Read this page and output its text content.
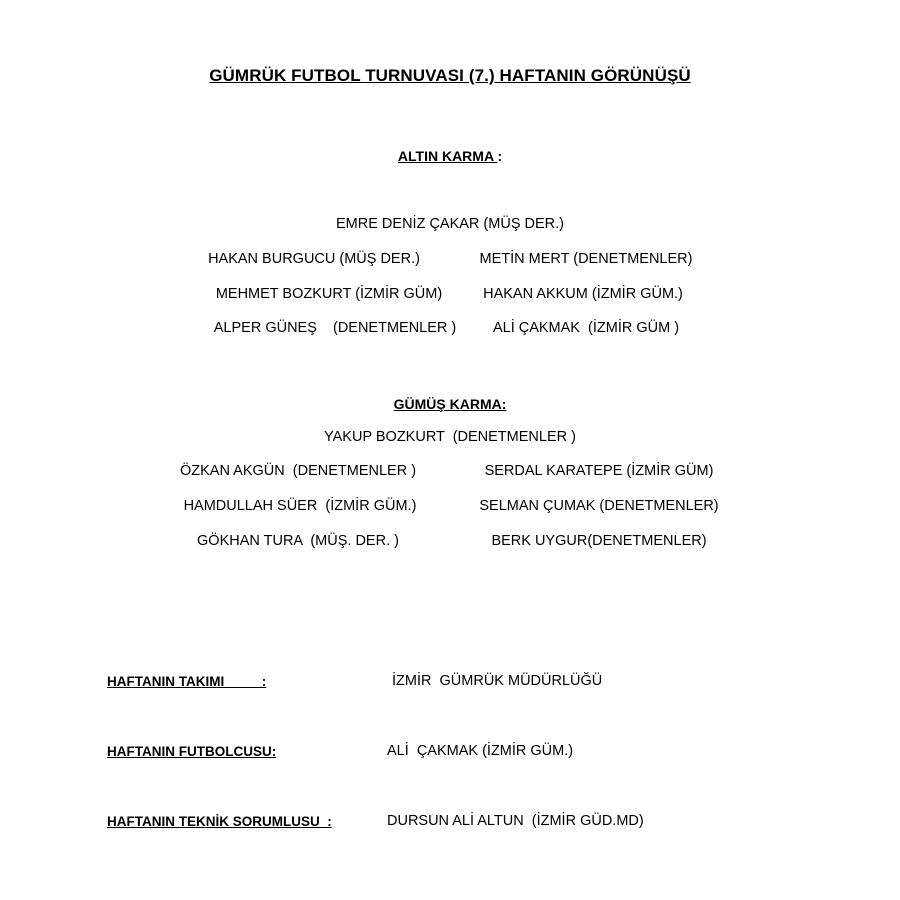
GÜMRÜK FUTBOL TURNUVASI (7.) HAFTANIN GÖRÜNÜŞÜ
ALTIN KARMA :
EMRE DENİZ ÇAKAR (MÜŞ DER.)
HAKAN BURGUCU (MÜŞ DER.)	METİN MERT (DENETMENLER)
MEHMET BOZKURT (İZMİR GÜM)	HAKAN AKKUM (İZMİR GÜM.)
ALPER GÜNEŞ    (DENETMENLER )	ALİ ÇAKMAK  (İZMİR GÜM )
GÜMÜŞ KARMA:
YAKUP BOZKURT  (DENETMENLER )
ÖZKAN AKGÜN  (DENETMENLER )	SERDAL KARATEPE (İZMİR GÜM)
HAMDULLAH SÜER  (İZMİR GÜM.)	SELMAN ÇUMAK (DENETMENLER)
GÖKHAN TURA  (MÜŞ. DER. )	BERK UYGUR(DENETMENLER)
HAFTANIN TAKIMI          :	İZMİR  GÜMRÜK MÜDÜRLÜĞÜ
HAFTANIN FUTBOLCUSU:	ALİ  ÇAKMAK (İZMİR GÜM.)
HAFTANIN TEKNİK SORUMLUSU  :	DURSUN ALİ ALTUN  (İZMİR GÜD.MD)
